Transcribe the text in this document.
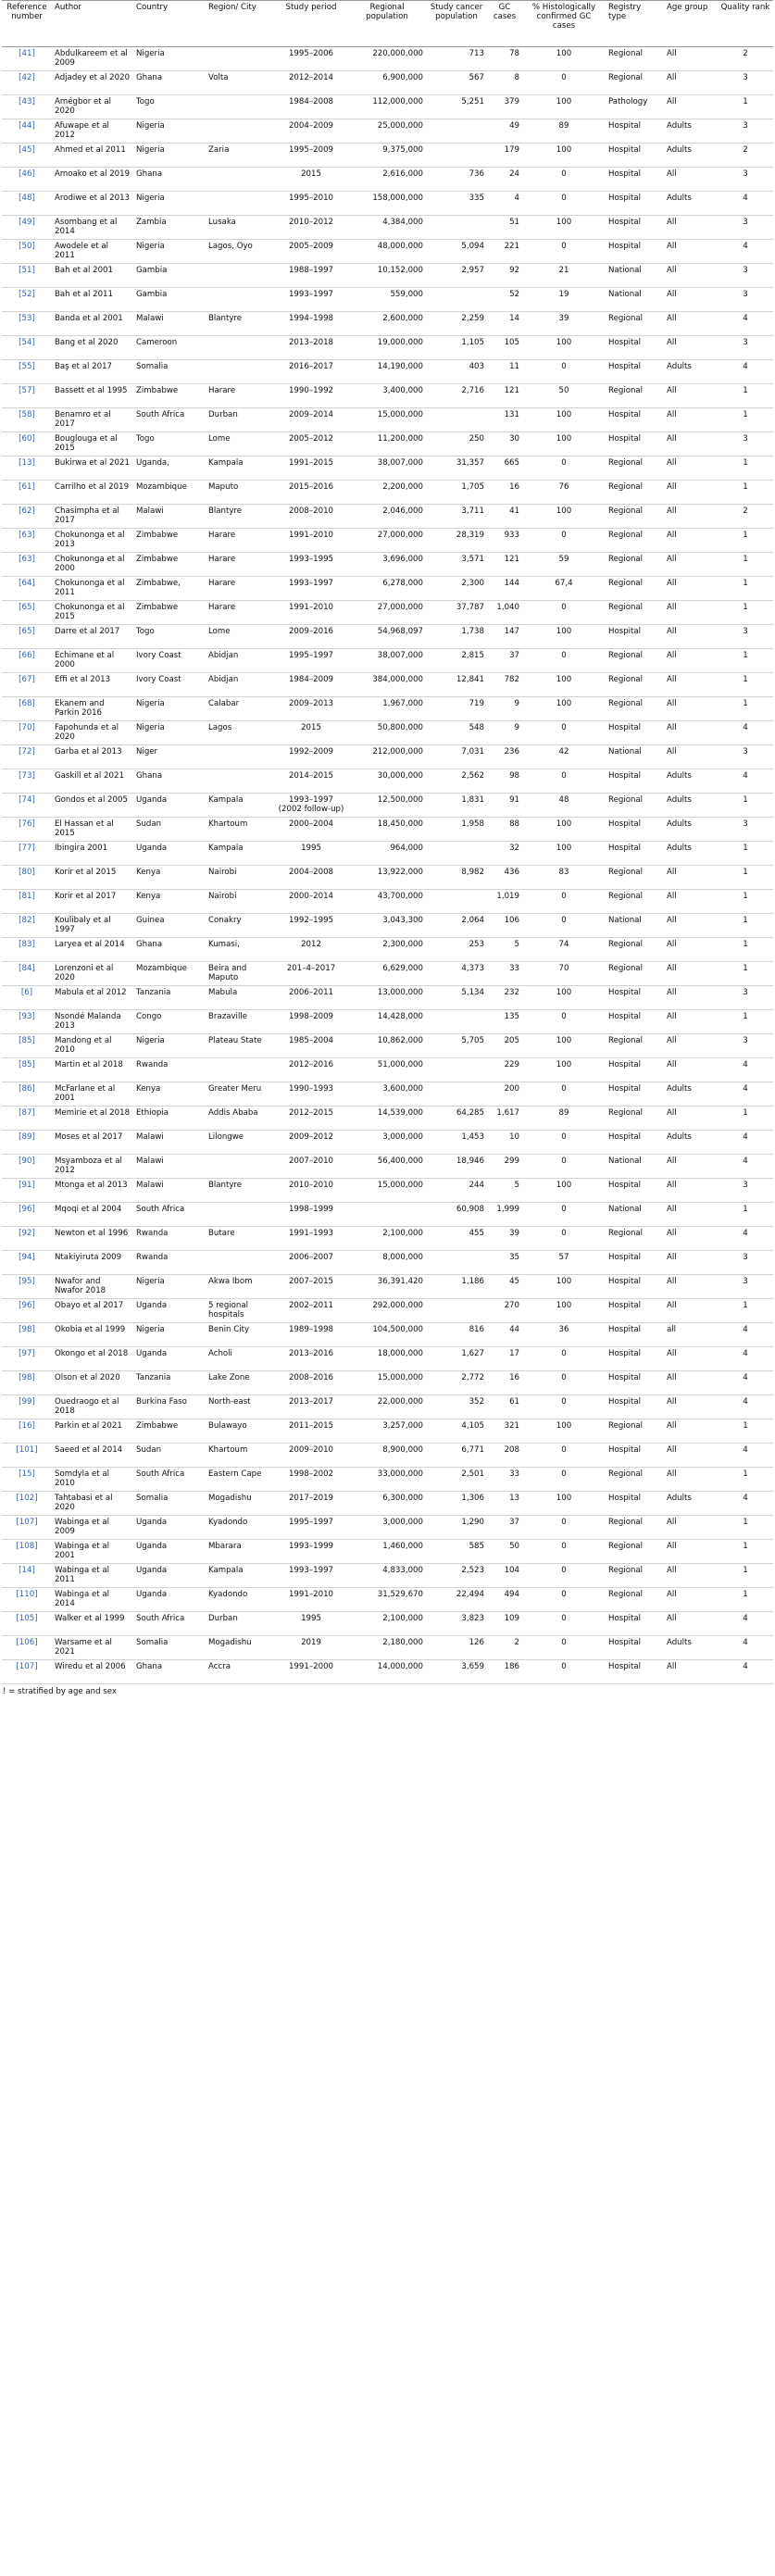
Reference number	Author	Country	Region/ City	Study period	Regional population	Study cancer population	GC cases	% Histologically confirmed GC cases	Registry type	Age group	Quality rank
[41]	Abdulkareem et al 2009	Nigeria		1995–2006	220,000,000	713	78	100	Regional	All	2
[42]	Adjadey et al 2020	Ghana	Volta	2012–2014	6,900,000	567	8	0	Regional	All	3
[43]	Amégbor et al 2020	Togo		1984–2008	112,000,000	5,251	379	100	Pathology	All	1
[44]	Afuwape et al 2012	Nigeria		2004–2009	25,000,000		49	89	Hospital	Adults	3
[45]	Ahmed et al 2011	Nigeria	Zaria	1995–2009	9,375,000		179	100	Hospital	Adults	2
[46]	Amoako et al 2019	Ghana		2015	2,616,000	736	24	0	Hospital	All	3
[48]	Arodiwe et al 2013	Nigeria		1995–2010	158,000,000	335	4	0	Hospital	Adults	4
[49]	Asombang et al 2014	Zambia	Lusaka	2010–2012	4,384,000		51	100	Hospital	All	3
[50]	Awodele et al 2011	Nigeria	Lagos, Oyo	2005–2009	48,000,000	5,094	221	0	Hospital	All	4
[51]	Bah et al 2001	Gambia		1988–1997	10,152,000	2,957	92	21	National	All	3
[52]	Bah et al 2011	Gambia		1993–1997	559,000		52	19	National	All	3
[53]	Banda et al 2001	Malawi	Blantyre	1994–1998	2,600,000	2,259	14	39	Regional	All	4
[54]	Bang et al 2020	Cameroon		2013–2018	19,000,000	1,105	105	100	Hospital	All	3
[55]	Baş et al 2017	Somalia		2016–2017	14,190,000	403	11	0	Hospital	Adults	4
[57]	Bassett et al 1995	Zimbabwe	Harare	1990–1992	3,400,000	2,716	121	50	Regional	All	1
[58]	Benamro et al 2017	South Africa	Durban	2009–2014	15,000,000		131	100	Hospital	All	1
[60]	Bouglouga et al 2015	Togo	Lome	2005–2012	11,200,000	250	30	100	Hospital	All	3
[13]	Bukirwa et al 2021	Uganda,	Kampala	1991–2015	38,007,000	31,357	665	0	Regional	All	1
[61]	Carrilho et al 2019	Mozambique	Maputo	2015–2016	2,200,000	1,705	16	76	Regional	All	1
[62]	Chasimpha et al 2017	Malawi	Blantyre	2008–2010	2,046,000	3,711	41	100	Regional	All	2
[63]	Chokunonga et al 2013	Zimbabwe	Harare	1991–2010	27,000,000	28,319	933	0	Regional	All	1
[63]	Chokunonga et al 2000	Zimbabwe	Harare	1993–1995	3,696,000	3,571	121	59	Regional	All	1
[64]	Chokunonga et al 2011	Zimbabwe,	Harare	1993–1997	6,278,000	2,300	144	67,4	Regional	All	1
[65]	Chokunonga et al 2015	Zimbabwe	Harare	1991–2010	27,000,000	37,787	1,040	0	Regional	All	1
[65]	Darre et al 2017	Togo	Lome	2009–2016	54,968,097	1,738	147	100	Hospital	All	3
[66]	Echimane et al 2000	Ivory Coast	Abidjan	1995–1997	38,007,000	2,815	37	0	Regional	All	1
[67]	Effi et al 2013	Ivory Coast	Abidjan	1984–2009	384,000,000	12,841	782	100	Regional	All	1
[68]	Ekanem and Parkin 2016	Nigeria	Calabar	2009–2013	1,967,000	719	9	100	Regional	All	1
[70]	Fapohunda et al 2020	Nigeria	Lagos	2015	50,800,000	548	9	0	Hospital	All	4
[72]	Garba et al 2013	Niger		1992–2009	212,000,000	7,031	236	42	National	All	3
[73]	Gaskill et al 2021	Ghana		2014–2015	30,000,000	2,562	98	0	Hospital	Adults	4
[74]	Gondos et al 2005	Uganda	Kampala	1993–1997 (2002 follow-up)	12,500,000	1,831	91	48	Regional	Adults	1
[76]	El Hassan et al 2015	Sudan	Khartoum	2000–2004	18,450,000	1,958	88	100	Hospital	Adults	3
[77]	Ibingira 2001	Uganda	Kampala	1995	964,000		32	100	Hospital	Adults	1
[80]	Korir et al 2015	Kenya	Nairobi	2004–2008	13,922,000	8,982	436	83	Regional	All	1
[81]	Korir et al 2017	Kenya	Nairobi	2000–2014	43,700,000		1,019	0	Regional	All	1
[82]	Koulibaly et al 1997	Guinea	Conakry	1992–1995	3,043,300	2,064	106	0	National	All	1
[83]	Laryea et al 2014	Ghana	Kumasi,	2012	2,300,000	253	5	74	Regional	All	1
[84]	Lorenzoni et al 2020	Mozambique	Beira and Maputo	201–4–2017	6,629,000	4,373	33	70	Regional	All	1
[6]	Mabula et al 2012	Tanzania	Mabula	2006–2011	13,000,000	5,134	232	100	Hospital	All	3
[93]	Nsondé Malanda 2013	Congo	Brazaville	1998–2009	14,428,000		135	0	Hospital	All	1
[85]	Mandong et al 2010	Nigeria	Plateau State	1985–2004	10,862,000	5,705	205	100	Regional	All	3
[85]	Martin et al 2018	Rwanda		2012–2016	51,000,000		229	100	Hospital	All	4
[86]	McFarlane et al 2001	Kenya	Greater Meru	1990–1993	3,600,000		200	0	Hospital	Adults	4
[87]	Memirie et al 2018	Ethiopia	Addis Ababa	2012–2015	14,539,000	64,285	1,617	89	Regional	All	1
[89]	Moses et al 2017	Malawi	Lilongwe	2009–2012	3,000,000	1,453	10	0	Hospital	Adults	4
[90]	Msyamboza et al 2012	Malawi		2007–2010	56,400,000	18,946	299	0	National	All	4
[91]	Mtonga et al 2013	Malawi	Blantyre	2010–2010	15,000,000	244	5	100	Hospital	All	3
[96]	Mqoqi et al 2004	South Africa		1998–1999		60,908	1,999	0	National	All	1
[92]	Newton et al 1996	Rwanda	Butare	1991–1993	2,100,000	455	39	0	Regional	All	4
[94]	Ntakiyiruta 2009	Rwanda		2006–2007	8,000,000		35	57	Hospital	All	3
[95]	Nwafor and Nwafor 2018	Nigeria	Akwa Ibom	2007–2015	36,391,420	1,186	45	100	Hospital	All	3
[96]	Obayo et al 2017	Uganda	5 regional hospitals	2002–2011	292,000,000		270	100	Hospital	All	1
[98]	Okobia et al 1999	Nigeria	Benin City	1989–1998	104,500,000	816	44	36	Hospital	all	4
[97]	Okongo et al 2018	Uganda	Acholi	2013–2016	18,000,000	1,627	17	0	Hospital	All	4
[98]	Olson et al 2020	Tanzania	Lake Zone	2008–2016	15,000,000	2,772	16	0	Hospital	All	4
[99]	Ouedraogo et al 2018	Burkina Faso	North-east	2013–2017	22,000,000	352	61	0	Hospital	All	4
[16]	Parkin et al 2021	Zimbabwe	Bulawayo	2011–2015	3,257,000	4,105	321	100	Regional	All	1
[101]	Saeed et al 2014	Sudan	Khartoum	2009–2010	8,900,000	6,771	208	0	Hospital	All	4
[15]	Somdyla et al 2010	South Africa	Eastern Cape	1998–2002	33,000,000	2,501	33	0	Regional	All	1
[102]	Tahtabasi et al 2020	Somalia	Mogadishu	2017–2019	6,300,000	1,306	13	100	Hospital	Adults	4
[107]	Wabinga et al 2009	Uganda	Kyadondo	1995–1997	3,000,000	1,290	37	0	Regional	All	1
[108]	Wabinga et al 2001	Uganda	Mbarara	1993–1999	1,460,000	585	50	0	Regional	All	1
[14]	Wabinga et al 2011	Uganda	Kampala	1993–1997	4,833,000	2,523	104	0	Regional	All	1
[110]	Wabinga et al 2014	Uganda	Kyadondo	1991–2010	31,529,670	22,494	494	0	Regional	All	1
[105]	Walker et al 1999	South Africa	Durban	1995	2,100,000	3,823	109	0	Hospital	All	4
[106]	Warsame et al 2021	Somalia	Mogadishu	2019	2,180,000	126	2	0	Hospital	Adults	4
[107]	Wiredu et al 2006	Ghana	Accra	1991–2000	14,000,000	3,659	186	0	Hospital	All	4
! = stratified by age and sex
